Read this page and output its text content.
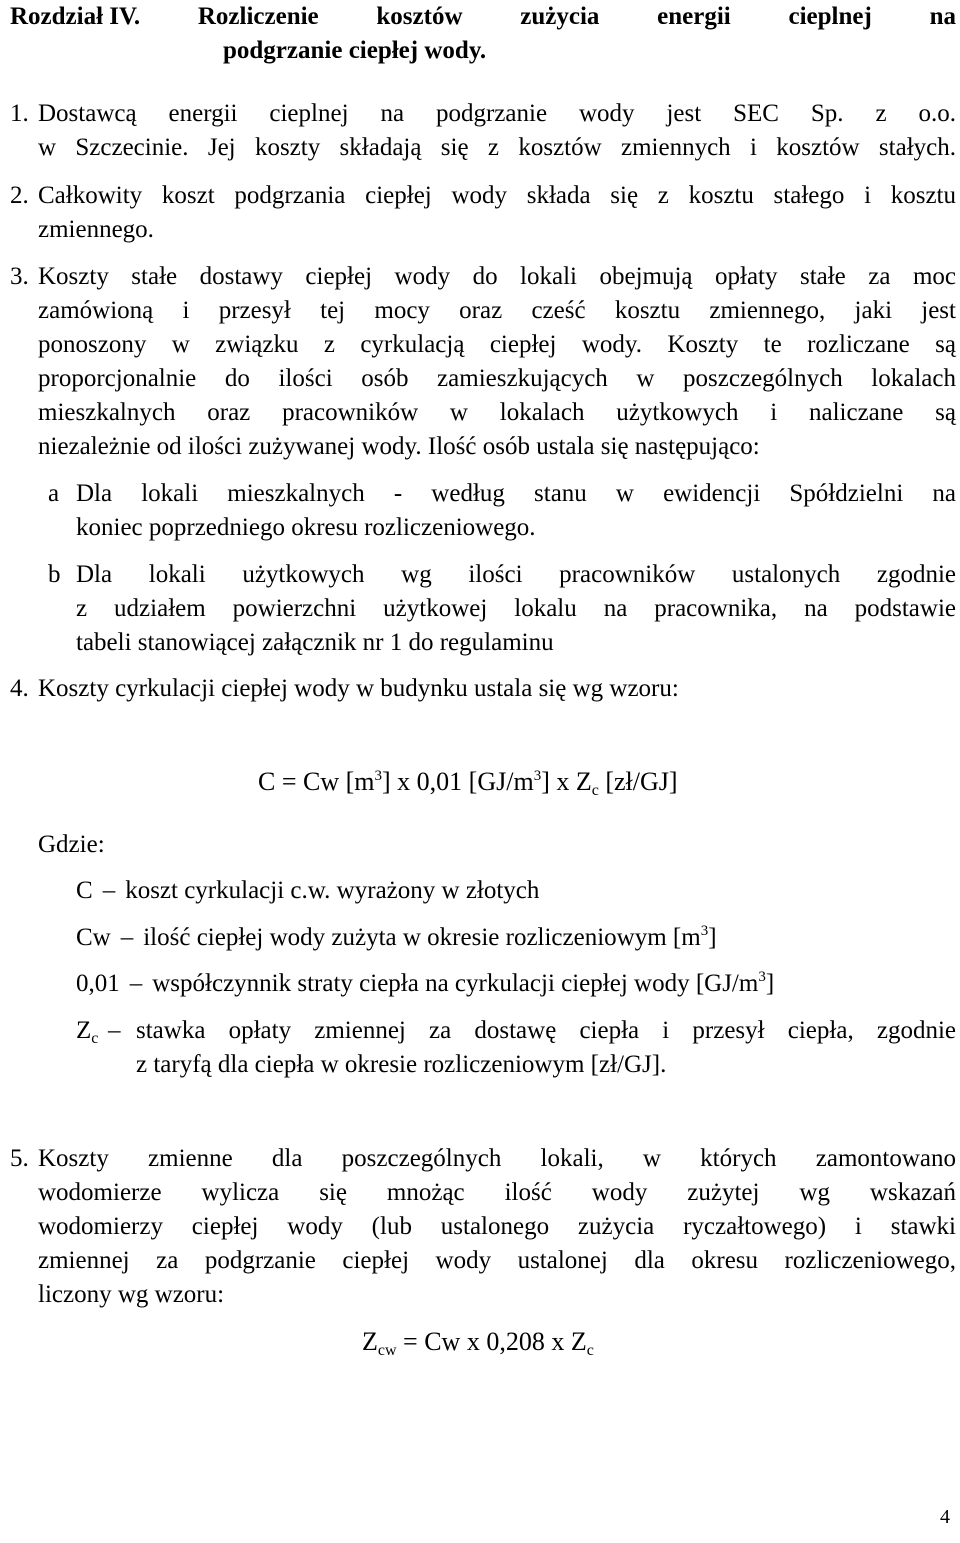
Rozdział IV. Rozliczenie kosztów zużycia energii cieplnej na
podgrzanie ciepłej wody.
1. Dostawcą energii cieplnej na podgrzanie wody jest SEC Sp. z o.o.
w Szczecinie. Jej koszty składają się z kosztów zmiennych i kosztów stałych.
2. Całkowity koszt podgrzania ciepłej wody składa się z kosztu stałego i kosztu
zmiennego.
3. Koszty stałe dostawy ciepłej wody do lokali obejmują opłaty stałe za moc
zamówioną i przesył tej mocy oraz cześć kosztu zmiennego, jaki jest
ponoszony w związku z cyrkulacją ciepłej wody. Koszty te rozliczane są
proporcjonalnie do ilości osób zamieszkujących w poszczególnych lokalach
mieszkalnych oraz pracowników w lokalach użytkowych i naliczane są
niezależnie od ilości zużywanej wody. Ilość osób ustala się następująco:
a Dla lokali mieszkalnych - według stanu w ewidencji Spółdzielni na
koniec poprzedniego okresu rozliczeniowego.
b Dla lokali użytkowych wg ilości pracowników ustalonych zgodnie
z udziałem powierzchni użytkowej lokalu na pracownika, na podstawie
tabeli stanowiącej załącznik nr 1 do regulaminu
4. Koszty cyrkulacji ciepłej wody w budynku ustala się wg wzoru:
C = Cw $[m^3]$ x 0,01 $[GJ/m^3]$ x $Z_c$ [zł/GJ]
Gdzie:
C – koszt cyrkulacji c.w. wyrażony w złotych
Cw – ilość ciepłej wody zużyta w okresie rozliczeniowym $[m^3]$
0,01 – współczynnik straty ciepła na cyrkulacji ciepłej wody $[GJ/m^3]$
$Z_c$ – stawka opłaty zmiennej za dostawę ciepła i przesył ciepła, zgodnie
z taryfą dla ciepła w okresie rozliczeniowym [zł/GJ].
5. Koszty zmienne dla poszczególnych lokali, w których zamontowano
wodomierze wylicza się mnożąc ilość wody zużytej wg wskazań
wodomierzy ciepłej wody (lub ustalonego zużycia ryczałtowego) i stawki
zmiennej za podgrzanie ciepłej wody ustalonej dla okresu rozliczeniowego,
liczony wg wzoru:
$Z_{cw} = Cw$ x 0,208 x $Z_c$
4
